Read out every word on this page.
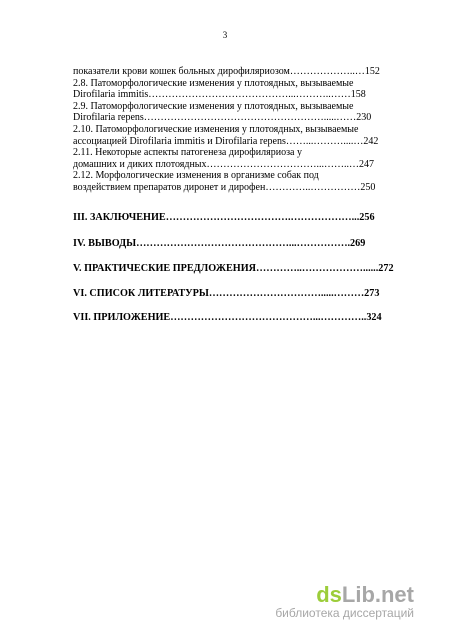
3
показатели крови кошек больных дирофиляриозом………………..…152
2.8. Патоморфологические изменения у плотоядных, вызываемые
Dirofilaria immitis……………………………………...………..……158
2.9. Патоморфологические изменения у плотоядных, вызываемые
Dirofilaria repens……………………………………………….....……230
2.10. Патоморфологические изменения у плотоядных, вызываемые
ассоциацией Dirofilaria immitis и Dirofilaria repens……...………....…242
2.11. Некоторые аспекты патогенеза дирофиляриоза у
домашних и диких плотоядных……………………………...……..…247
2.12. Морфологические изменения в организме собак под
воздействием препаратов диронет и дирофен…………..……………250
III. ЗАКЛЮЧЕНИЕ……………………………….………………...256
IV. ВЫВОДЫ………………………………………...…………….269
V. ПРАКТИЧЕСКИЕ ПРЕДЛОЖЕНИЯ…………..………………......272
VI. СПИСОК ЛИТЕРАТУРЫ…………………………….....………273
VII. ПРИЛОЖЕНИЕ……………………………………...…………..324
dsLib.net
библиотека диссертаций
